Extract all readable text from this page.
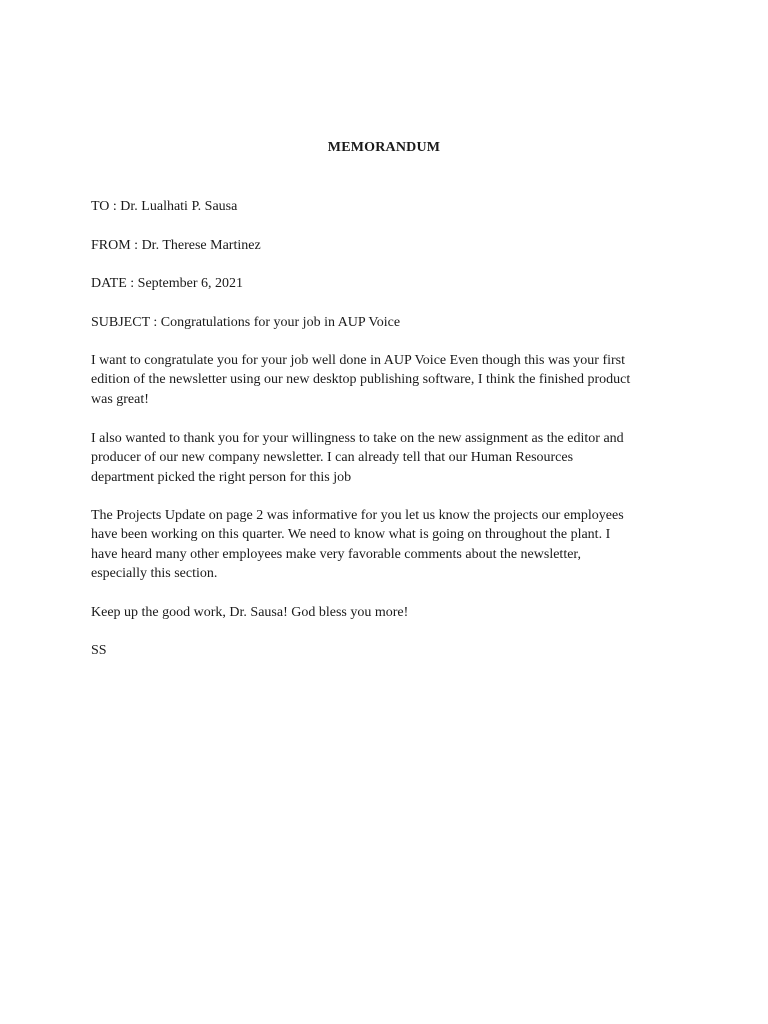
MEMORANDUM
TO : Dr. Lualhati P. Sausa
FROM : Dr. Therese Martinez
DATE : September 6, 2021
SUBJECT : Congratulations for your job in AUP Voice
I want to congratulate you for your job well done in AUP Voice Even though this was your first
edition of the newsletter using our new desktop publishing software, I think the finished product
was great!
I also wanted to thank you for your willingness to take on the new assignment as the editor and
producer of our new company newsletter. I can already tell that our Human Resources
department picked the right person for this job
The Projects Update on page 2 was informative for you let us know the projects our employees
have been working on this quarter. We need to know what is going on throughout the plant. I
have heard many other employees make very favorable comments about the newsletter,
especially this section.
Keep up the good work, Dr. Sausa! God bless you more!
SS
